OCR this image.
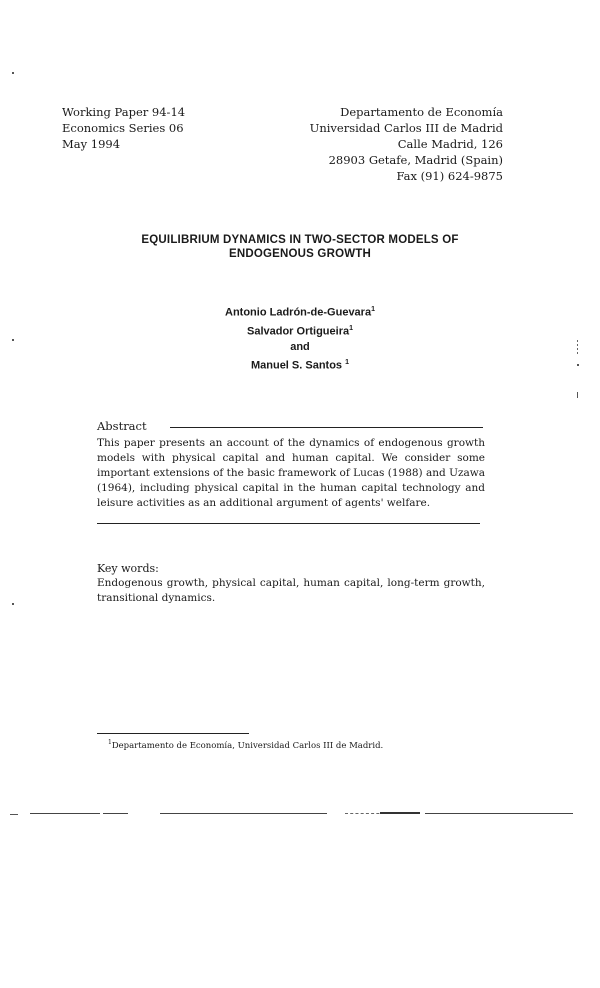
Working Paper 94-14
Economics Series 06
May 1994
Departamento de Economía
Universidad Carlos III de Madrid
Calle Madrid, 126
28903 Getafe, Madrid (Spain)
Fax (91) 624-9875
EQUILIBRIUM DYNAMICS IN TWO-SECTOR MODELS OF
ENDOGENOUS GROWTH
Antonio Ladrón-de-Guevara$^1$
Salvador Ortigueira$^1$
and
Manuel S. Santos $^1$
Abstract
This paper presents an account of the dynamics of endogenous growth models with physical capital and human capital. We consider some important extensions of the basic framework of Lucas (1988) and Uzawa (1964), including physical capital in the human capital technology and leisure activities as an additional argument of agents' welfare.
Key words:
Endogenous growth, physical capital, human capital, long-term growth, transitional dynamics.
$^1$Departamento de Economía, Universidad Carlos III de Madrid.
